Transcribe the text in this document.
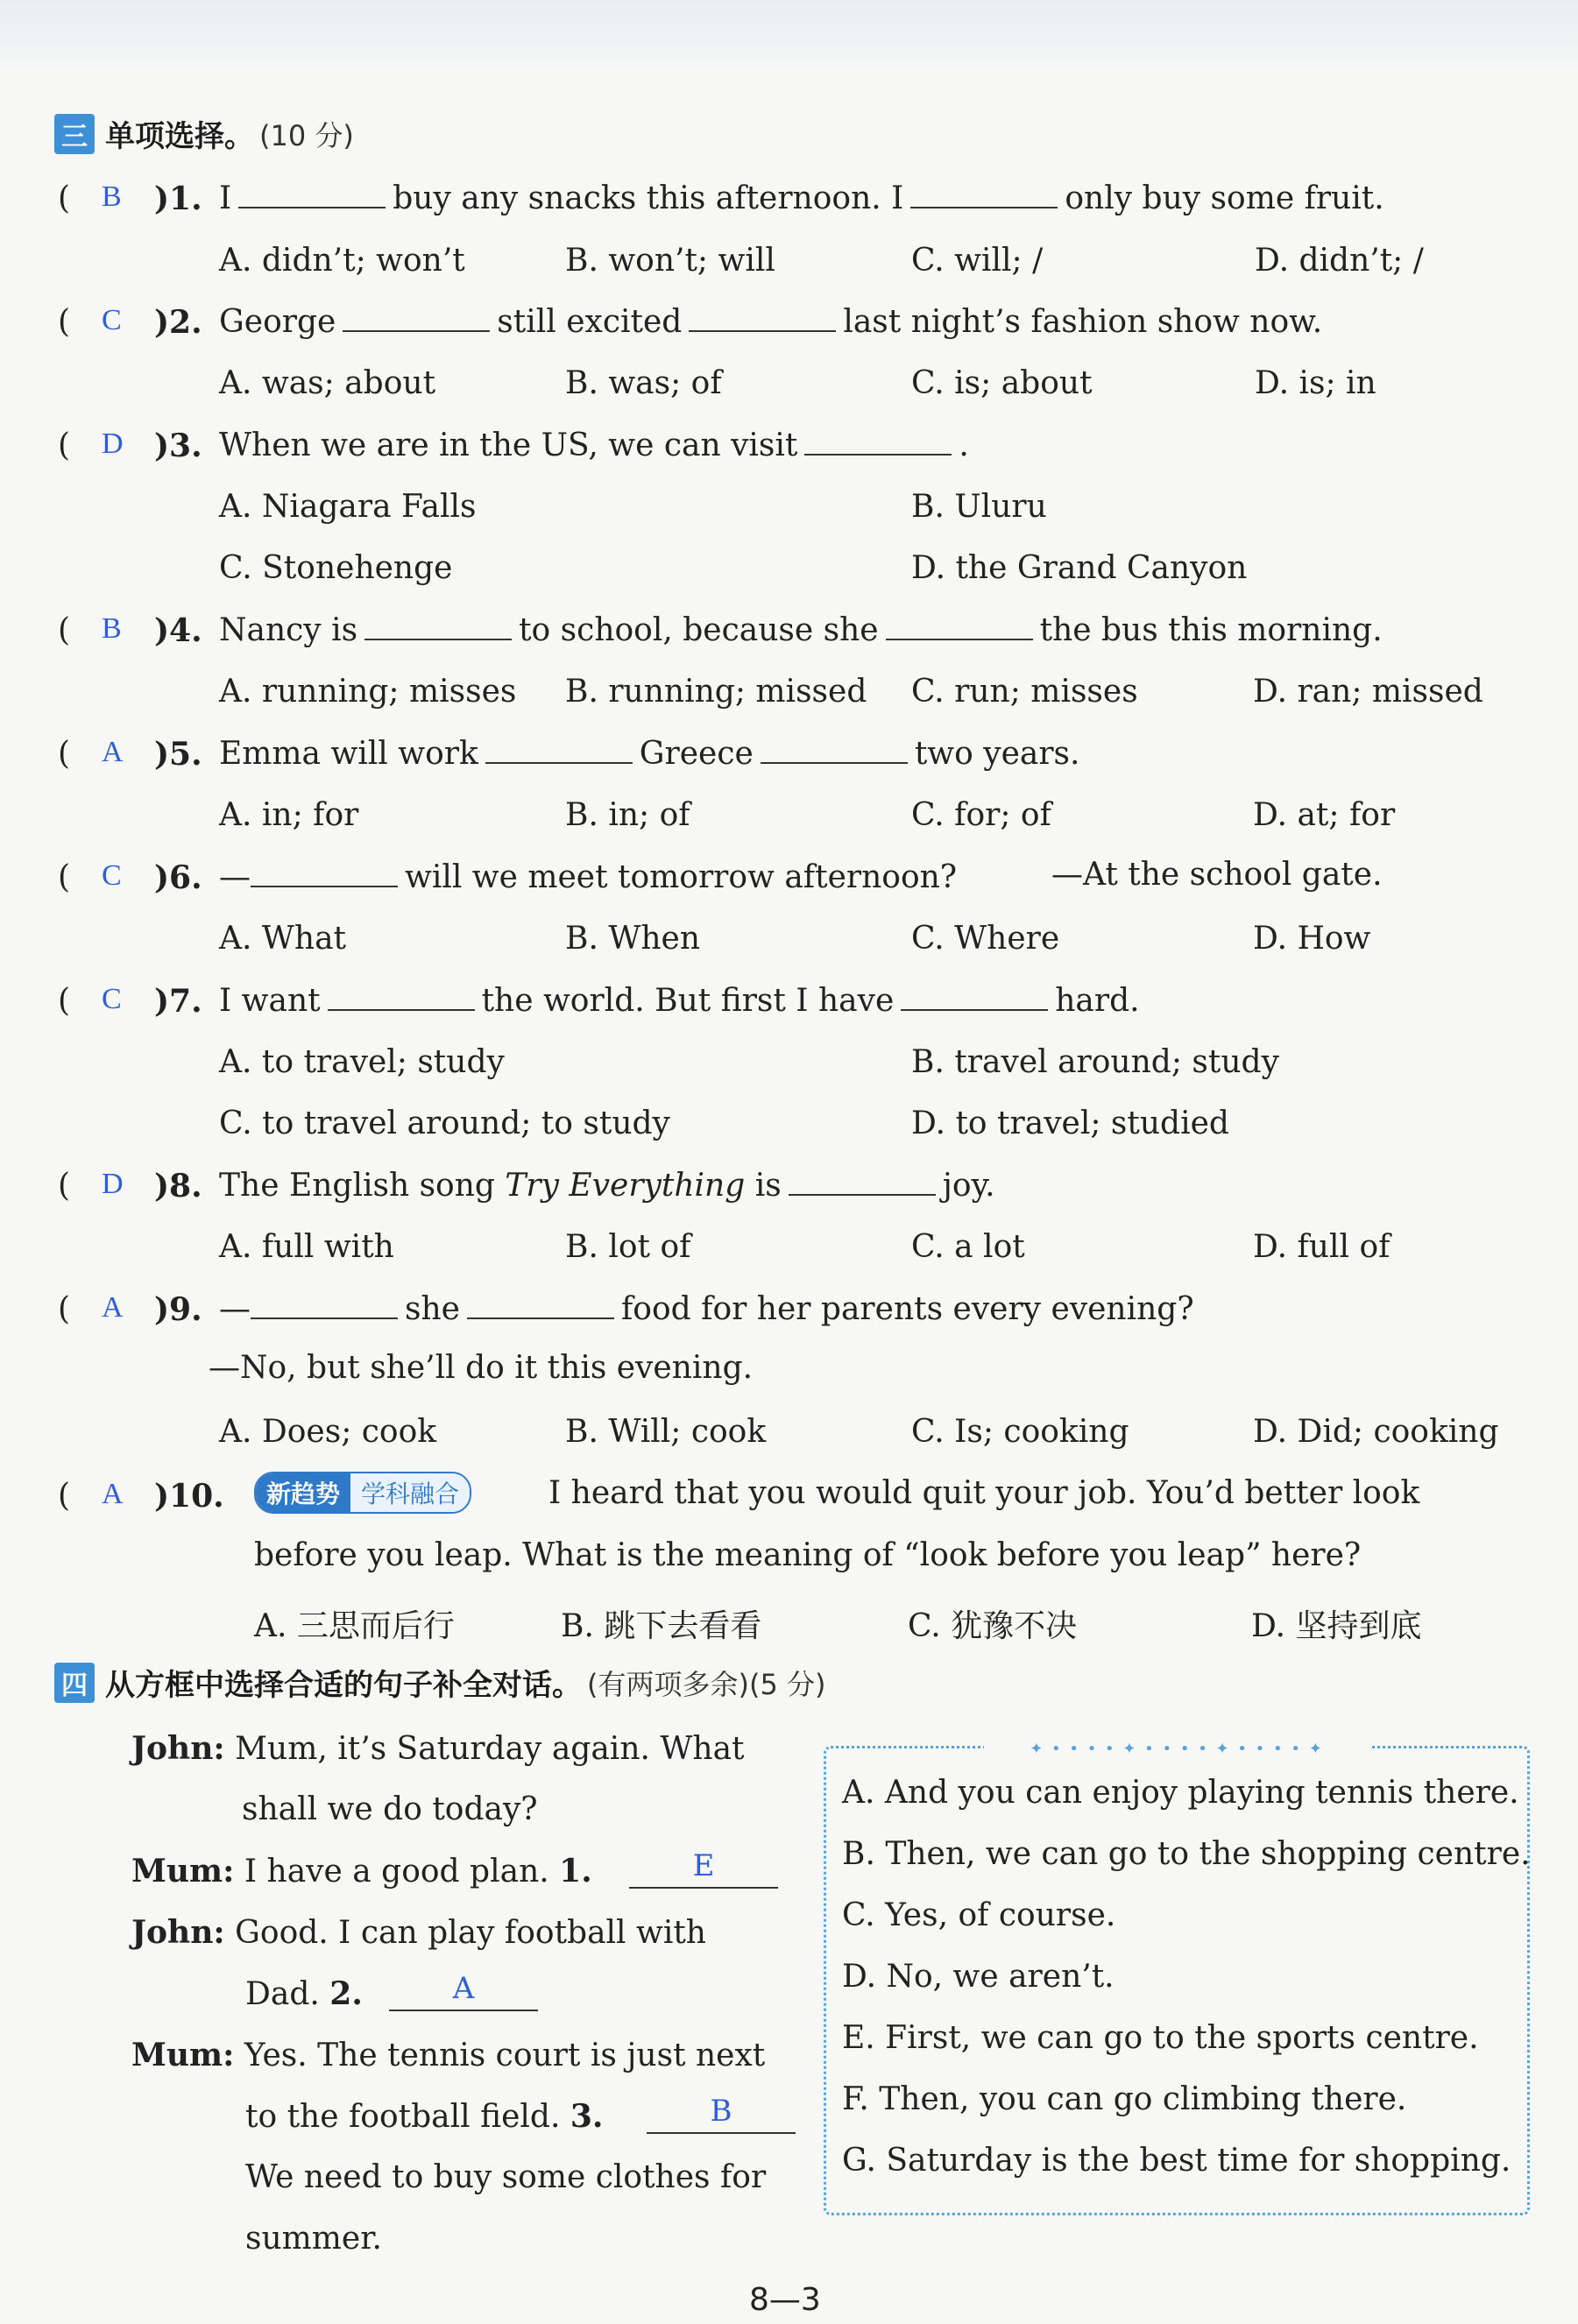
三 单项选择。 (10 分)
( B )1. I	buy any snacks this afternoon. I	only buy some fruit.
A. didn’t; won’t	B. won’t; will	C. will; /	D. didn’t; /
( C )2. George	still excited	last night’s fashion show now.
A. was; about	B. was; of	C. is; about	D. is; in
( D )3. When we are in the US, we can visit	.
A. Niagara Falls	B. Uluru
C. Stonehenge	D. the Grand Canyon
( B )4. Nancy is	to school, because she	the bus this morning.
A. running; misses B. running; missed C. run; misses	D. ran; missed
( A )5. Emma will work	Greece	two years.
A. in; for	B. in; of	C. for; of	D. at; for
( C )6. —	will we meet tomorrow afternoon?	—At the school gate.
A. What	B. When	C. Where	D. How
( C )7. I want	the world. But first I have	hard.
A. to travel; study	B. travel around; study
C. to travel around; to study	D. to travel; studied
( D )8. The English song Try Everything is	joy.
A. full with	B. lot of	C. a lot	D. full of
( A )9. —	she	food for her parents every evening?
—No, but she’ll do it this evening.
A. Does; cook	B. Will; cook	C. Is; cooking	D. Did; cooking
( A )10.	新趋势 学科融合	I heard that you would quit your job. You’d better look
before you leap. What is the meaning of “look before you leap” here?
A. 三思而后行	B. 跳下去看看	C. 犹豫不决	D. 坚持到底
四 从方框中选择合适的句子补全对话。 (有两项多余)(5 分)
John: Mum, it’s Saturday again. What
shall we do today?
Mum: I have a good plan. 1.	E
John: Good. I can play football with
Dad. 2.	A
Mum: Yes. The tennis court is just next
to the football field. 3.	B
We need to buy some clothes for
summer.
✦ • • • • ✦ • • • • ✦ • • • • ✦
A. And you can enjoy playing tennis there.
B. Then, we can go to the shopping centre.
C. Yes, of course.
D. No, we aren’t.
E. First, we can go to the sports centre.
F. Then, you can go climbing there.
G. Saturday is the best time for shopping.
8—3
